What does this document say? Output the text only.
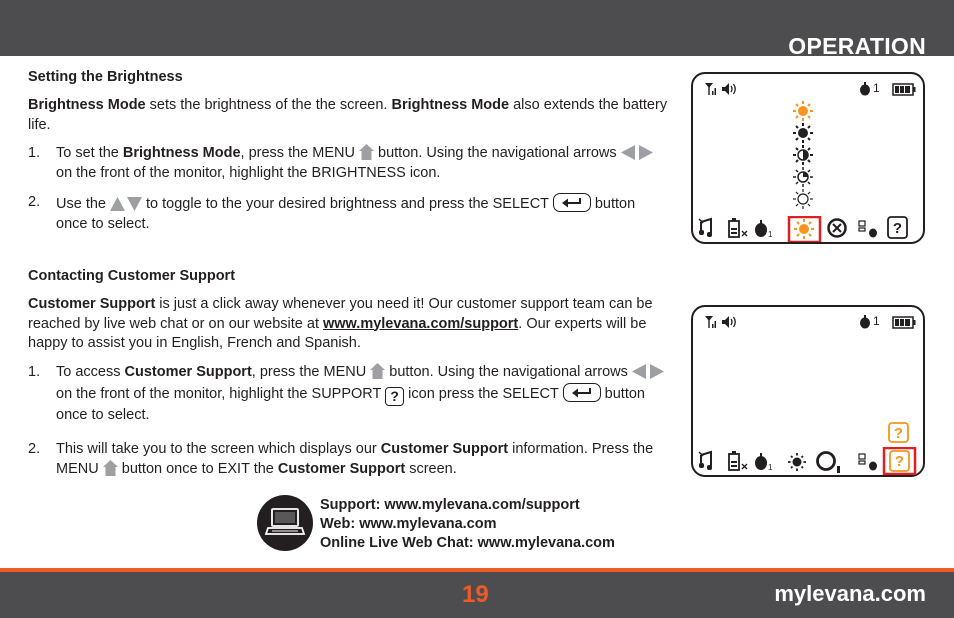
OPERATION
Setting the Brightness

Brightness Mode sets the brightness of the the screen. Brightness Mode also extends the battery life.

1.	To set the Brightness Mode, press the MENU  button. Using the navigational arrows  on the front of the monitor, highlight the BRIGHTNESS icon.
2.	Use the  to toggle to the your desired brightness and press the SELECT	button once to select.
Contacting Customer Support

Customer Support is just a click away whenever you need it! Our customer support team can be reached by live web chat or on our website at www.mylevana.com/support. Our experts will be happy to assist you in English, French and Spanish.

1.	To access Customer Support, press the MENU  button. Using the navigational arrows  on the front of the monitor, highlight the SUPPORT ? icon press the SELECT	button once to select.
2.	This will take you to the screen which displays our Customer Support information. Press the MENU  button once to EXIT the Customer Support screen.
1
1	?
1
?
1	?
Support: www.mylevana.com/support
Web: www.mylevana.com
Online Live Web Chat: www.mylevana.com
19	mylevana.com
